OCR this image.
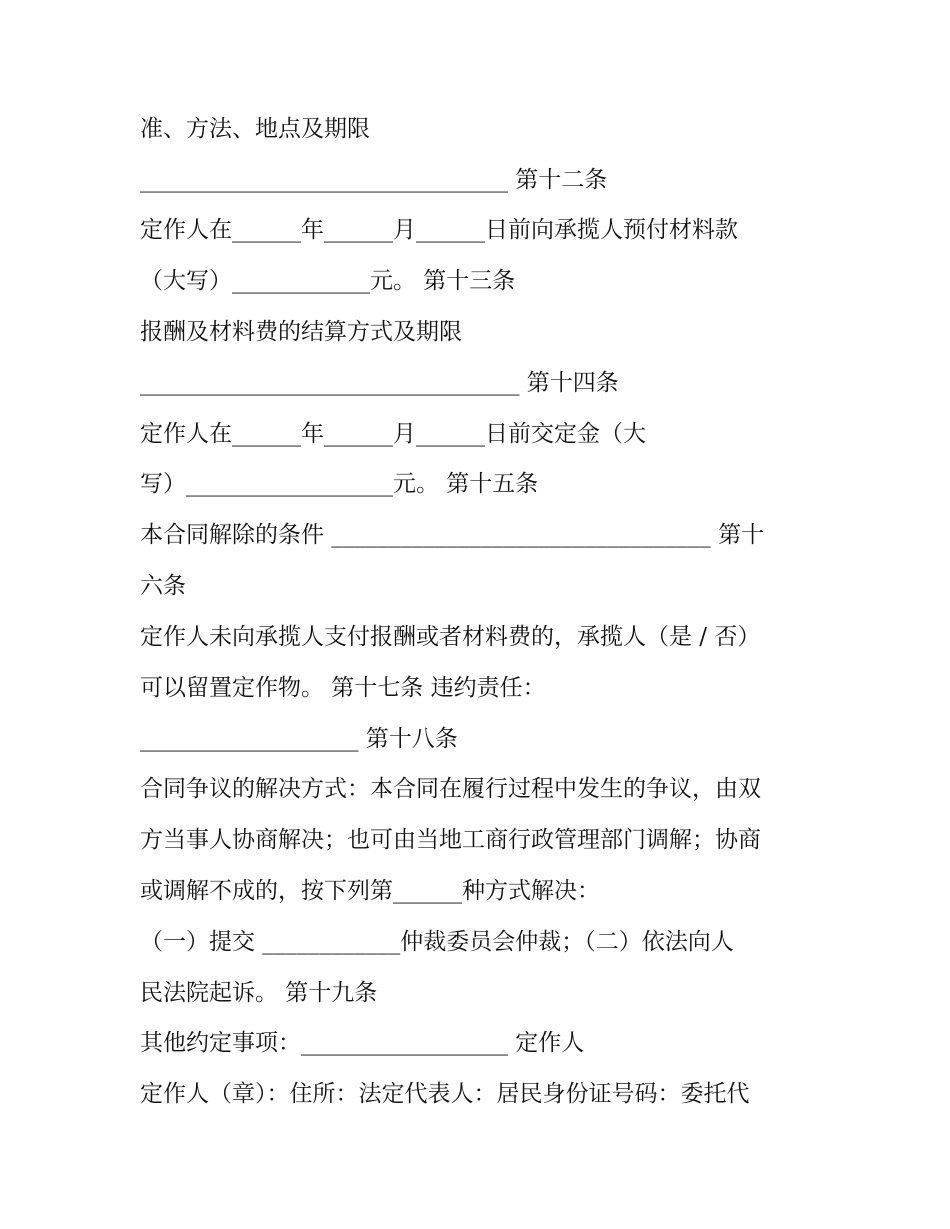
准、方法、地点及期限
________________________________ 第十二条
定作人在______年______月______日前向承揽人预付材料款
（大写）____________元。 第十三条
报酬及材料费的结算方式及期限
_________________________________ 第十四条
定作人在______年______月______日前交定金（大
写）__________________元。 第十五条
本合同解除的条件 _________________________________ 第十
六条
定作人未向承揽人支付报酬或者材料费的，承揽人（是 / 否）
可以留置定作物。 第十七条 违约责任：
___________________ 第十八条
合同争议的解决方式：本合同在履行过程中发生的争议，由双
方当事人协商解决；也可由当地工商行政管理部门调解；协商
或调解不成的，按下列第______种方式解决：
（一）提交 ____________仲裁委员会仲裁；（二）依法向人
民法院起诉。 第十九条
其他约定事项：__________________ 定作人
定作人（章）：住所：法定代表人：居民身份证号码：委托代
